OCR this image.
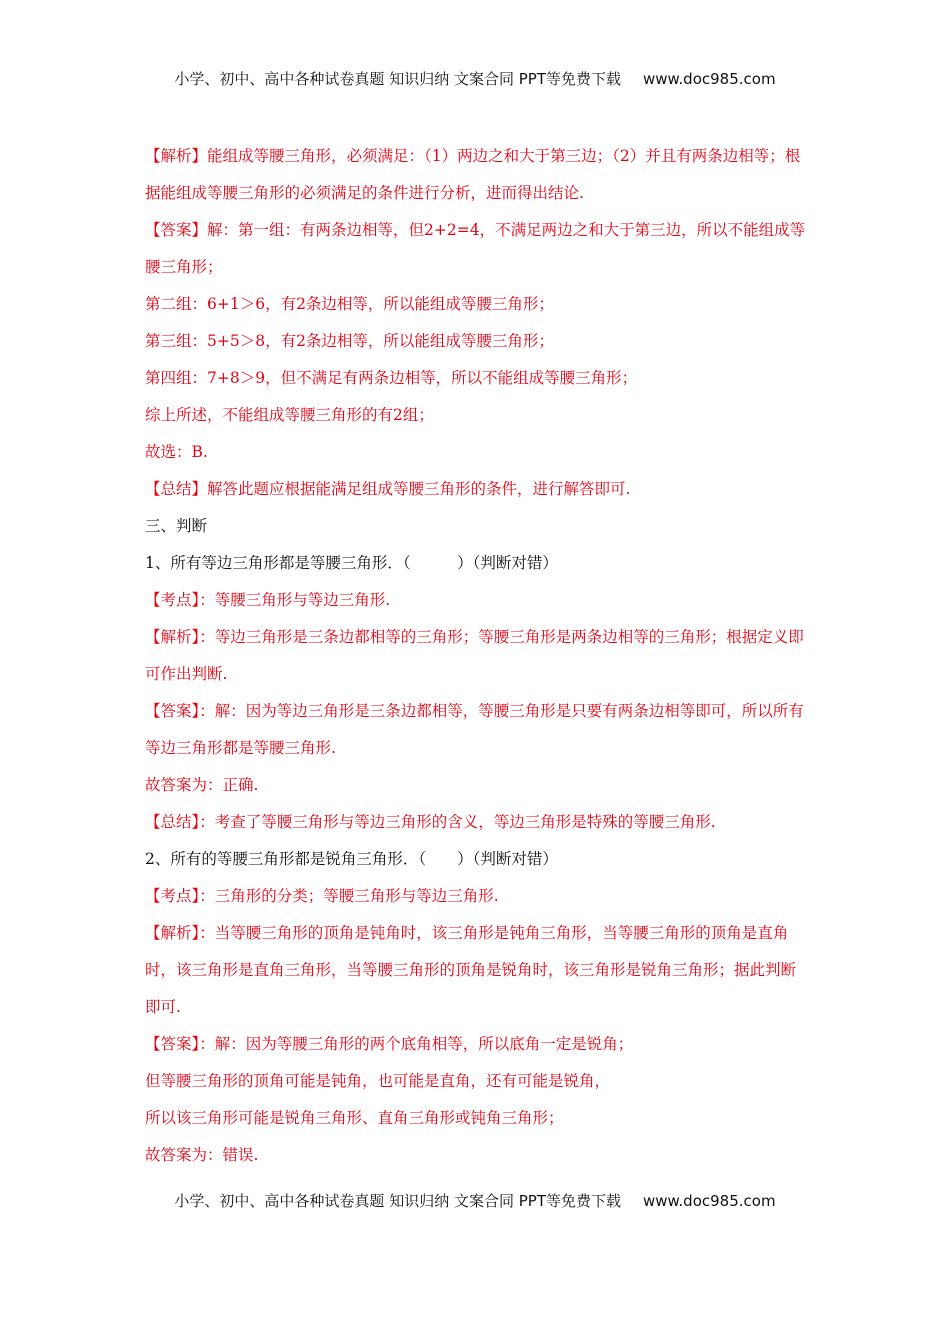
小学、初中、高中各种试卷真题 知识归纳 文案合同 PPT等免费下载 www.doc985.com
【解析】能组成等腰三角形，必须满足：（1）两边之和大于第三边；（2）并且有两条边相等；根据能组成等腰三角形的必须满足的条件进行分析，进而得出结论.
【答案】解：第一组：有两条边相等，但2+2=4，不满足两边之和大于第三边，所以不能组成等腰三角形；
第二组：6+1＞6，有2条边相等，所以能组成等腰三角形；
第三组：5+5＞8，有2条边相等，所以能组成等腰三角形；
第四组：7+8＞9，但不满足有两条边相等，所以不能组成等腰三角形；
综上所述，不能组成等腰三角形的有2组；
故选：B.
【总结】解答此题应根据能满足组成等腰三角形的条件，进行解答即可.
三、判断
1、所有等边三角形都是等腰三角形．（　　　）（判断对错）
【考点】：等腰三角形与等边三角形.
【解析】：等边三角形是三条边都相等的三角形；等腰三角形是两条边相等的三角形；根据定义即可作出判断.
【答案】：解：因为等边三角形是三条边都相等，等腰三角形是只要有两条边相等即可，所以所有等边三角形都是等腰三角形.
故答案为：正确.
【总结】：考查了等腰三角形与等边三角形的含义，等边三角形是特殊的等腰三角形.
2、所有的等腰三角形都是锐角三角形．（　　）（判断对错）
【考点】：三角形的分类；等腰三角形与等边三角形.
【解析】：当等腰三角形的顶角是钝角时，该三角形是钝角三角形，当等腰三角形的顶角是直角时，该三角形是直角三角形，当等腰三角形的顶角是锐角时，该三角形是锐角三角形；据此判断即可.
【答案】：解：因为等腰三角形的两个底角相等，所以底角一定是锐角；
但等腰三角形的顶角可能是钝角，也可能是直角，还有可能是锐角，
所以该三角形可能是锐角三角形、直角三角形或钝角三角形；
故答案为：错误.
小学、初中、高中各种试卷真题 知识归纳 文案合同 PPT等免费下载 www.doc985.com
